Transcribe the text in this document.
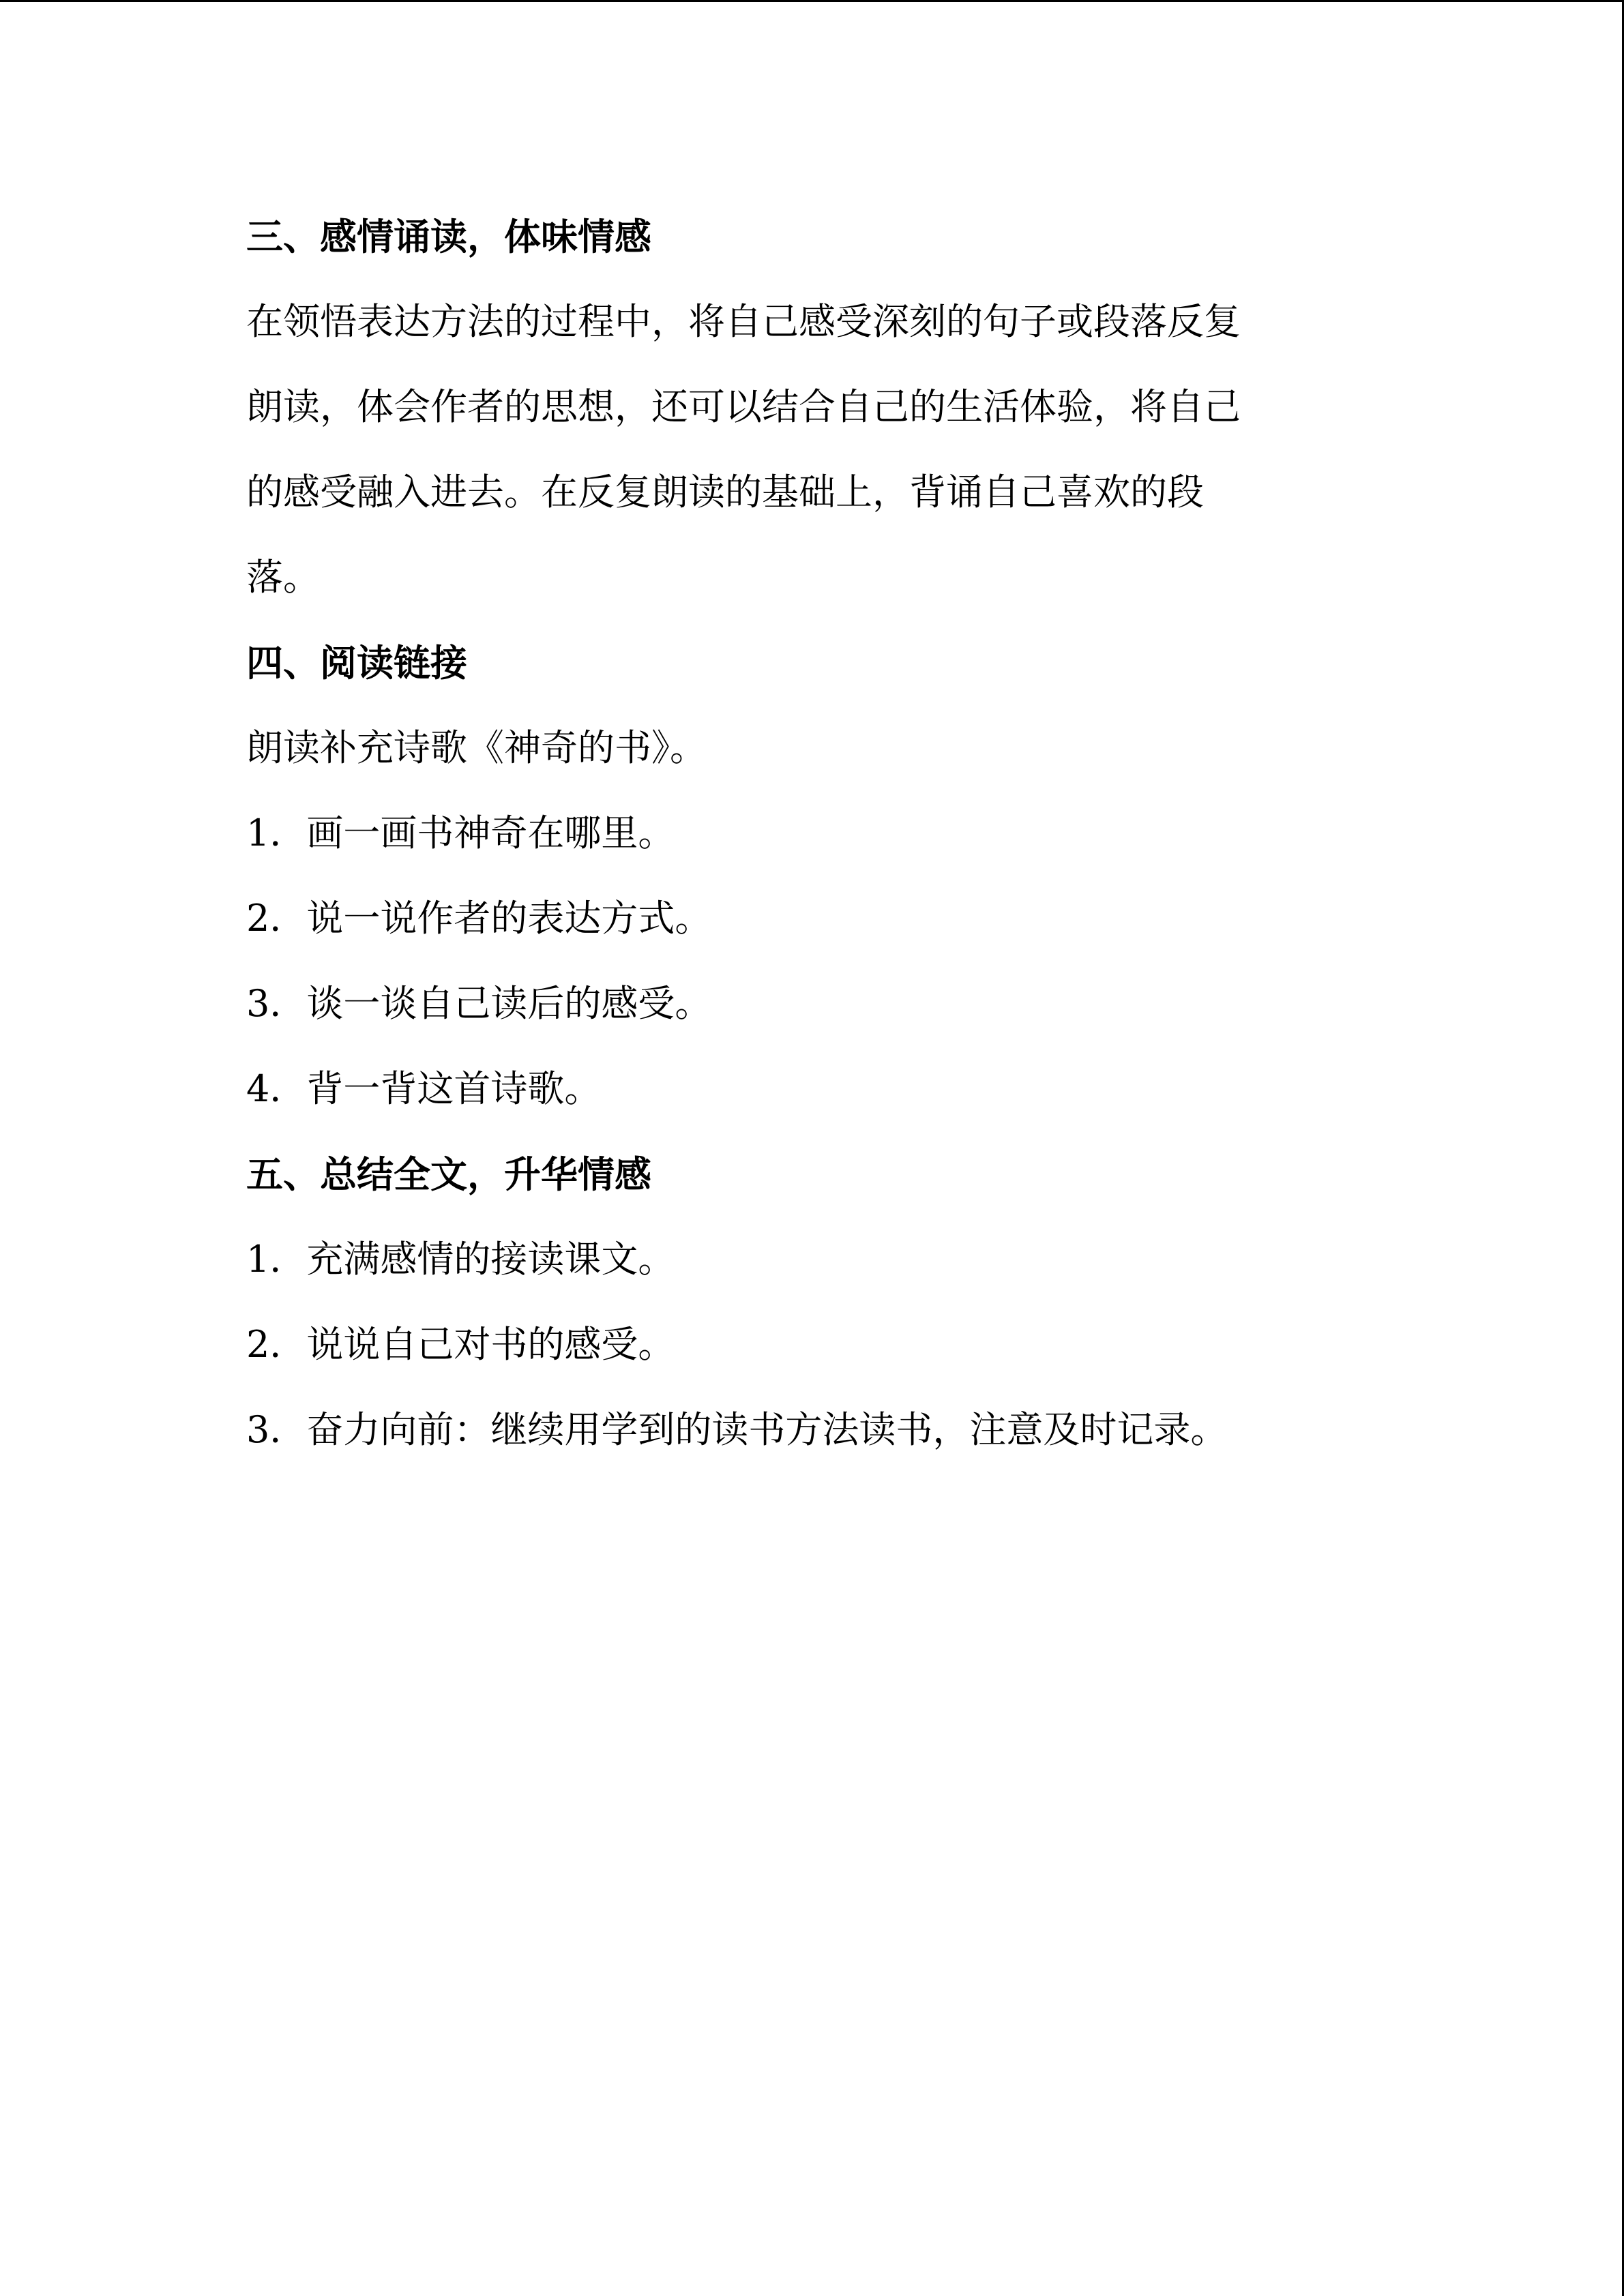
三、感情诵读，体味情感
在领悟表达方法的过程中，将自己感受深刻的句子或段落反复
朗读，体会作者的思想，还可以结合自己的生活体验，将自己
的感受融入进去。在反复朗读的基础上，背诵自己喜欢的段
落。
四、阅读链接
朗读补充诗歌《神奇的书》。
1．画一画书神奇在哪里。
2．说一说作者的表达方式。
3．谈一谈自己读后的感受。
4．背一背这首诗歌。
五、总结全文，升华情感
1．充满感情的接读课文。
2．说说自己对书的感受。
3．奋力向前：继续用学到的读书方法读书，注意及时记录。
